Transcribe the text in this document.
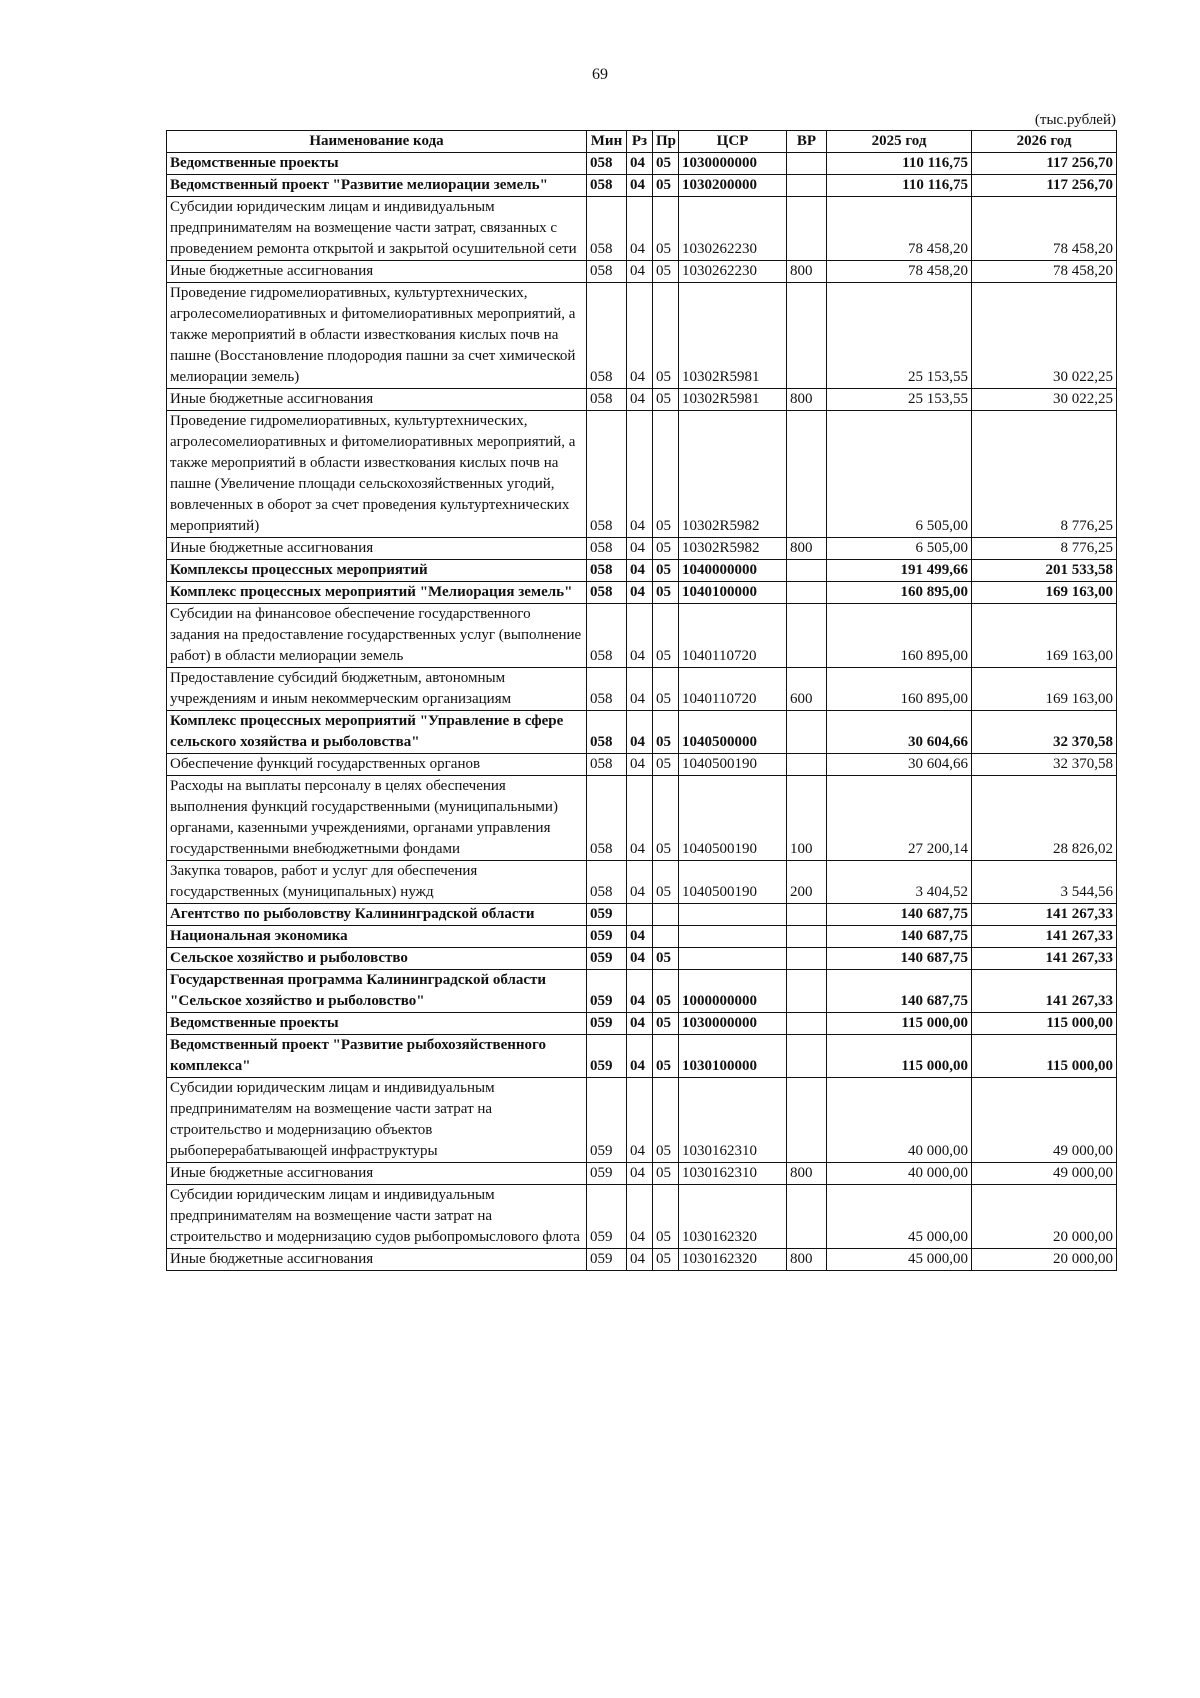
69
(тыс.рублей)
Наименование кода	Мин	Рз	Пр	ЦСР	ВР	2025 год	2026 год
Ведомственные проекты	058	04	05	1030000000		110 116,75	117 256,70
Ведомственный проект "Развитие мелиорации земель"	058	04	05	1030200000		110 116,75	117 256,70
Субсидии юридическим лицам и индивидуальным предпринимателям на возмещение части затрат, связанных с проведением ремонта открытой и закрытой осушительной сети	058	04	05	1030262230		78 458,20	78 458,20
Иные бюджетные ассигнования	058	04	05	1030262230	800	78 458,20	78 458,20
Проведение гидромелиоративных, культуртехнических, агролесомелиоративных и фитомелиоративных мероприятий, а также мероприятий в области известкования кислых почв на пашне (Восстановление плодородия пашни за счет химической мелиорации земель)	058	04	05	10302R5981		25 153,55	30 022,25
Иные бюджетные ассигнования	058	04	05	10302R5981	800	25 153,55	30 022,25
Проведение гидромелиоративных, культуртехнических, агролесомелиоративных и фитомелиоративных мероприятий, а также мероприятий в области известкования кислых почв на пашне (Увеличение площади сельскохозяйственных угодий, вовлеченных в оборот за счет проведения культуртехнических мероприятий)	058	04	05	10302R5982		6 505,00	8 776,25
Иные бюджетные ассигнования	058	04	05	10302R5982	800	6 505,00	8 776,25
Комплексы процессных мероприятий	058	04	05	1040000000		191 499,66	201 533,58
Комплекс процессных мероприятий "Мелиорация земель"	058	04	05	1040100000		160 895,00	169 163,00
Субсидии на финансовое обеспечение государственного задания на предоставление государственных услуг (выполнение работ) в области мелиорации земель	058	04	05	1040110720		160 895,00	169 163,00
Предоставление субсидий бюджетным, автономным учреждениям и иным некоммерческим организациям	058	04	05	1040110720	600	160 895,00	169 163,00
Комплекс процессных мероприятий "Управление в сфере сельского хозяйства и рыболовства"	058	04	05	1040500000		30 604,66	32 370,58
Обеспечение функций государственных органов	058	04	05	1040500190		30 604,66	32 370,58
Расходы на выплаты персоналу в целях обеспечения выполнения функций государственными (муниципальными) органами, казенными учреждениями, органами управления государственными внебюджетными фондами	058	04	05	1040500190	100	27 200,14	28 826,02
Закупка товаров, работ и услуг для обеспечения государственных (муниципальных) нужд	058	04	05	1040500190	200	3 404,52	3 544,56
Агентство по рыболовству Калининградской области	059					140 687,75	141 267,33
Национальная экономика	059	04				140 687,75	141 267,33
Сельское хозяйство и рыболовство	059	04	05			140 687,75	141 267,33
Государственная программа Калининградской области "Сельское хозяйство и рыболовство"	059	04	05	1000000000		140 687,75	141 267,33
Ведомственные проекты	059	04	05	1030000000		115 000,00	115 000,00
Ведомственный проект "Развитие рыбохозяйственного комплекса"	059	04	05	1030100000		115 000,00	115 000,00
Субсидии юридическим лицам и индивидуальным предпринимателям на возмещение части затрат на строительство и модернизацию объектов рыбоперерабатывающей инфраструктуры	059	04	05	1030162310		40 000,00	49 000,00
Иные бюджетные ассигнования	059	04	05	1030162310	800	40 000,00	49 000,00
Субсидии юридическим лицам и индивидуальным предпринимателям на возмещение части затрат на строительство и модернизацию судов рыбопромыслового флота	059	04	05	1030162320		45 000,00	20 000,00
Иные бюджетные ассигнования	059	04	05	1030162320	800	45 000,00	20 000,00
